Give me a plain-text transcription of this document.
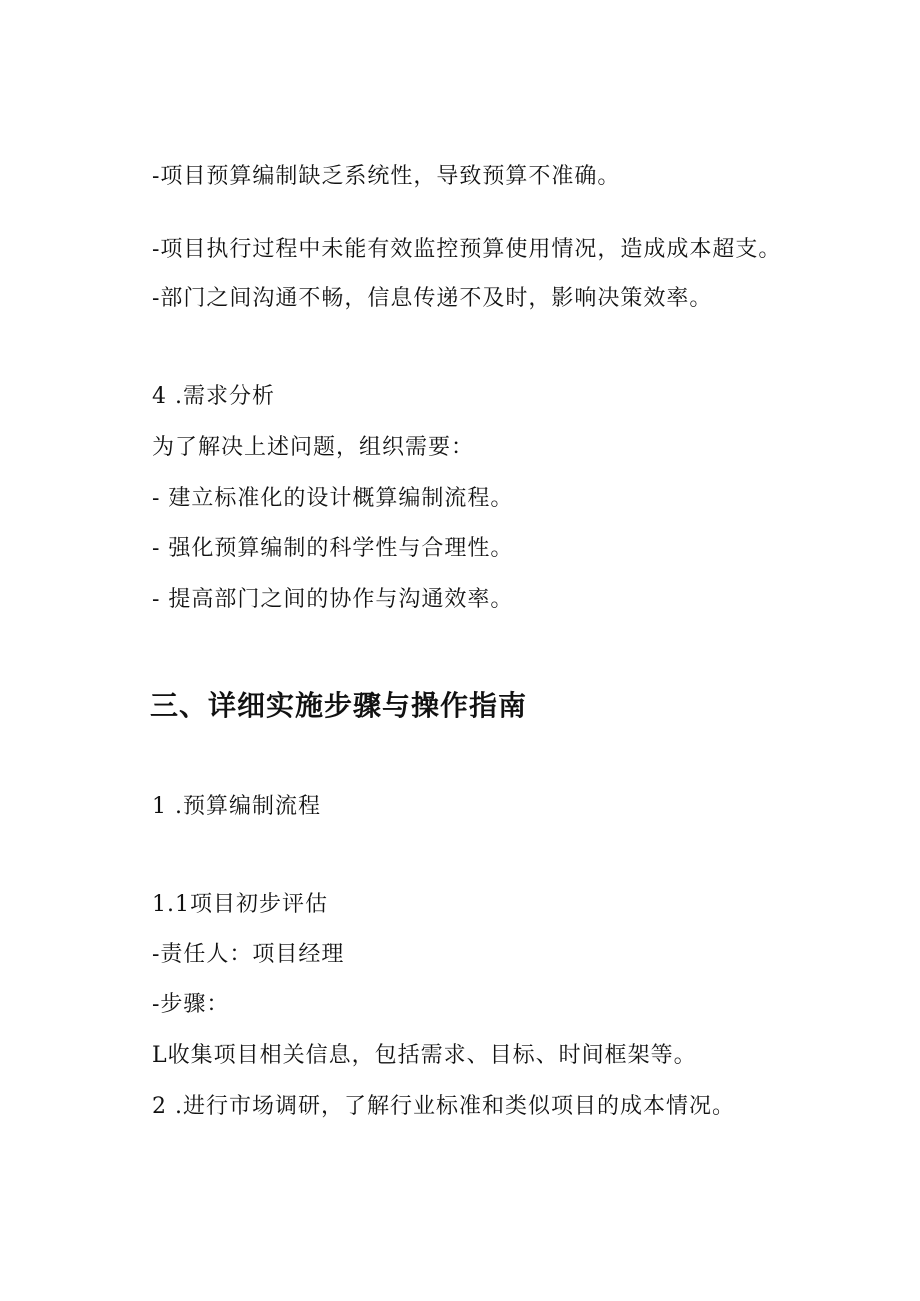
-项目预算编制缺乏系统性，导致预算不准确。
-项目执行过程中未能有效监控预算使用情况，造成成本超支。
-部门之间沟通不畅，信息传递不及时，影响决策效率。
4 .需求分析
为了解决上述问题，组织需要：
- 建立标准化的设计概算编制流程。
- 强化预算编制的科学性与合理性。
- 提高部门之间的协作与沟通效率。
三、详细实施步骤与操作指南
1 .预算编制流程
1.1项目初步评估
-责任人：项目经理
-步骤：
L收集项目相关信息，包括需求、目标、时间框架等。
2 .进行市场调研，了解行业标准和类似项目的成本情况。
